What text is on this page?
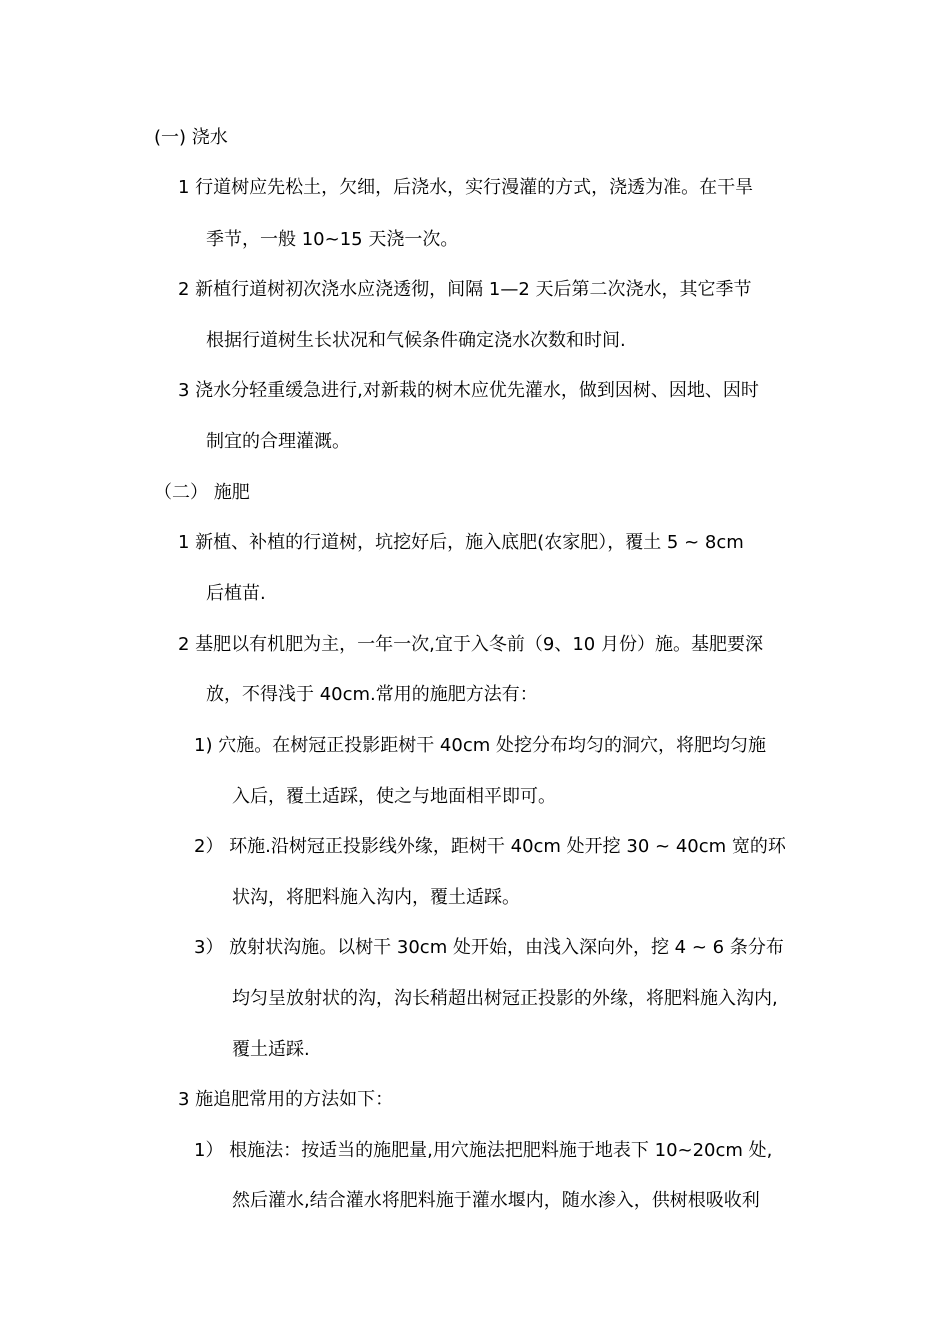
(一) 浇水
1 行道树应先松土，欠细，后浇水，实行漫灌的方式，浇透为准。在干旱
季节，一般 10~15 天浇一次。
2 新植行道树初次浇水应浇透彻，间隔 1—2 天后第二次浇水，其它季节
根据行道树生长状况和气候条件确定浇水次数和时间.
3 浇水分轻重缓急进行,对新栽的树木应优先灌水，做到因树、因地、因时
制宜的合理灌溉。
（二） 施肥
1 新植、补植的行道树，坑挖好后，施入底肥(农家肥），覆土 5 ~ 8cm
后植苗.
2 基肥以有机肥为主，一年一次,宜于入冬前（9、10 月份）施。基肥要深
放，不得浅于 40cm.常用的施肥方法有：
1) 穴施。在树冠正投影距树干 40cm 处挖分布均匀的洞穴，将肥均匀施
入后，覆土适踩，使之与地面相平即可。
2） 环施.沿树冠正投影线外缘，距树干 40cm 处开挖 30 ~ 40cm 宽的环
状沟，将肥料施入沟内，覆土适踩。
3） 放射状沟施。以树干 30cm 处开始，由浅入深向外，挖 4 ~ 6 条分布
均匀呈放射状的沟，沟长稍超出树冠正投影的外缘，将肥料施入沟内,
覆土适踩.
3 施追肥常用的方法如下：
1） 根施法：按适当的施肥量,用穴施法把肥料施于地表下 10~20cm 处,
然后灌水,结合灌水将肥料施于灌水堰内，随水渗入，供树根吸收利
